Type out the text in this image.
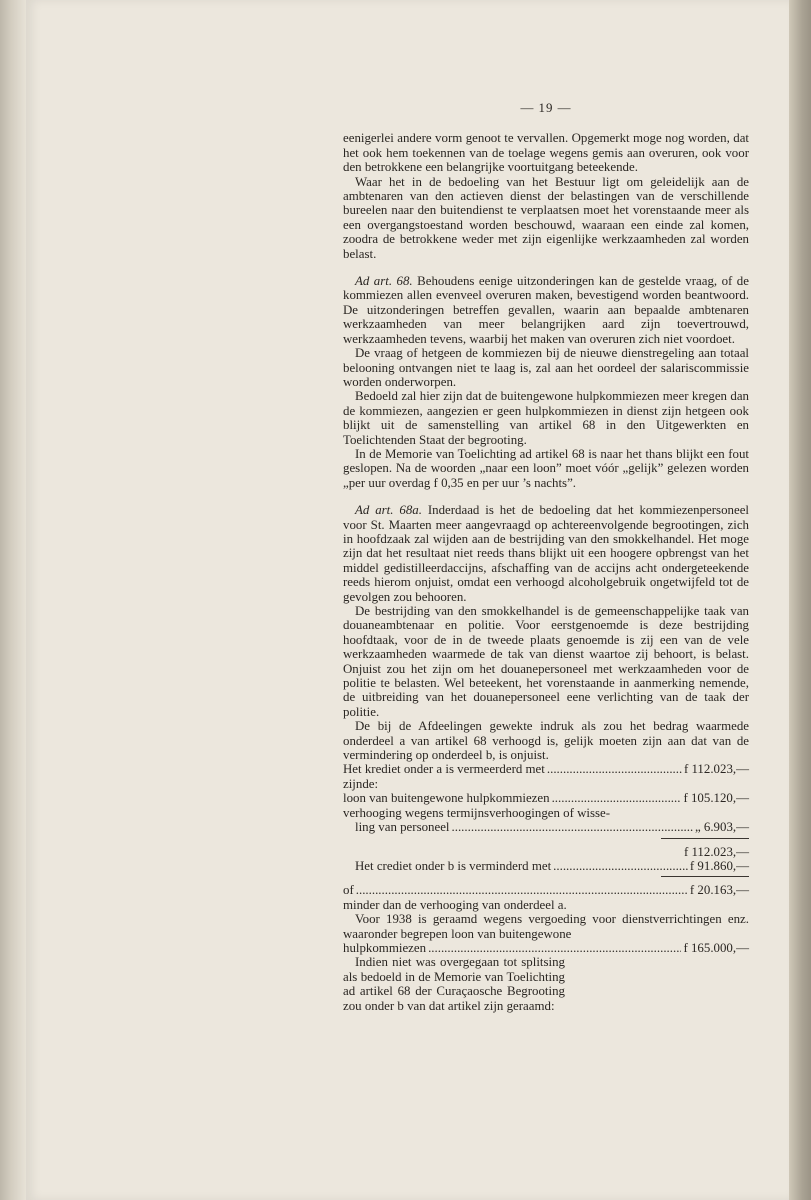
— 19 —

eenigerlei andere vorm genoot te vervallen. Opgemerkt moge nog worden, dat het ook hem toekennen van de toelage wegens gemis aan overuren, ook voor den betrokkene een belangrijke voortuitgang beteekende.

Waar het in de bedoeling van het Bestuur ligt om geleidelijk aan de ambtenaren van den actieven dienst der belastingen van de verschillende bureelen naar den buitendienst te verplaatsen moet het vorenstaande meer als een overgangstoestand worden beschouwd, waaraan een einde zal komen, zoodra de betrokkene weder met zijn eigenlijke werkzaamheden zal worden belast.

Ad art. 68. Behoudens eenige uitzonderingen kan de gestelde vraag, of de kommiezen allen evenveel overuren maken, bevestigend worden beantwoord. De uitzonderingen betreffen gevallen, waarin aan bepaalde ambtenaren werkzaamheden van meer belangrijken aard zijn toevertrouwd, werkzaamheden tevens, waarbij het maken van overuren zich niet voordoet.

De vraag of hetgeen de kommiezen bij de nieuwe dienstregeling aan totaal belooning ontvangen niet te laag is, zal aan het oordeel der salariscommissie worden onderworpen.

Bedoeld zal hier zijn dat de buitengewone hulpkommiezen meer kregen dan de kommiezen, aangezien er geen hulpkommiezen in dienst zijn hetgeen ook blijkt uit de samenstelling van artikel 68 in den Uitgewerkten en Toelichtenden Staat der begrooting.

In de Memorie van Toelichting ad artikel 68 is naar het thans blijkt een fout geslopen. Na de woorden „naar een loon” moet vóór „gelijk” gelezen worden „per uur overdag f 0,35 en per uur ’s nachts”.

Ad art. 68a. Inderdaad is het de bedoeling dat het kommiezenpersoneel voor St. Maarten meer aangevraagd op achtereenvolgende begrootingen, zich in hoofdzaak zal wijden aan de bestrijding van den smokkelhandel. Het moge zijn dat het resultaat niet reeds thans blijkt uit een hoogere opbrengst van het middel gedistilleerdaccijns, afschaffing van de accijns acht ondergeteekende reeds hierom onjuist, omdat een verhoogd alcoholgebruik ongetwijfeld tot de gevolgen zou behooren.

De bestrijding van den smokkelhandel is de gemeenschappelijke taak van douaneambtenaar en politie. Voor eerstgenoemde is deze bestrijding hoofdtaak, voor de in de tweede plaats genoemde is zij een van de vele werkzaamheden waarmede de tak van dienst waartoe zij behoort, is belast. Onjuist zou het zijn om het douanepersoneel met werkzaamheden voor de politie te belasten. Wel beteekent, het vorenstaande in aanmerking nemende, de uitbreiding van het douanepersoneel eene verlichting van de taak der politie.

De bij de Afdeelingen gewekte indruk als zou het bedrag waarmede onderdeel a van artikel 68 verhoogd is, gelijk moeten zijn aan dat van de vermindering op onderdeel b, is onjuist.

Het krediet onder a is vermeerderd met .....	f 112.023,—
zijnde:
loon van buitengewone hulpkommiezen .....	f 105.120,—
verhooging wegens termijnsverhoogingen of wisse-
ling van personeel .....	„ 6.903,—
f 112.023,—
Het crediet onder b is verminderd met .....	f 91.860,—
of .....	f 20.163,—
minder dan de verhooging van onderdeel a.

Voor 1938 is geraamd wegens vergoeding voor dienstverrichtingen enz. waaronder begrepen loon van buitengewone

hulpkommiezen .....	f 165.000,—

Indien niet was overgegaan tot splitsing als bedoeld in de Memorie van Toelichting ad artikel 68 der Curaçaosche Begrooting zou onder b van dat artikel zijn geraamd:
